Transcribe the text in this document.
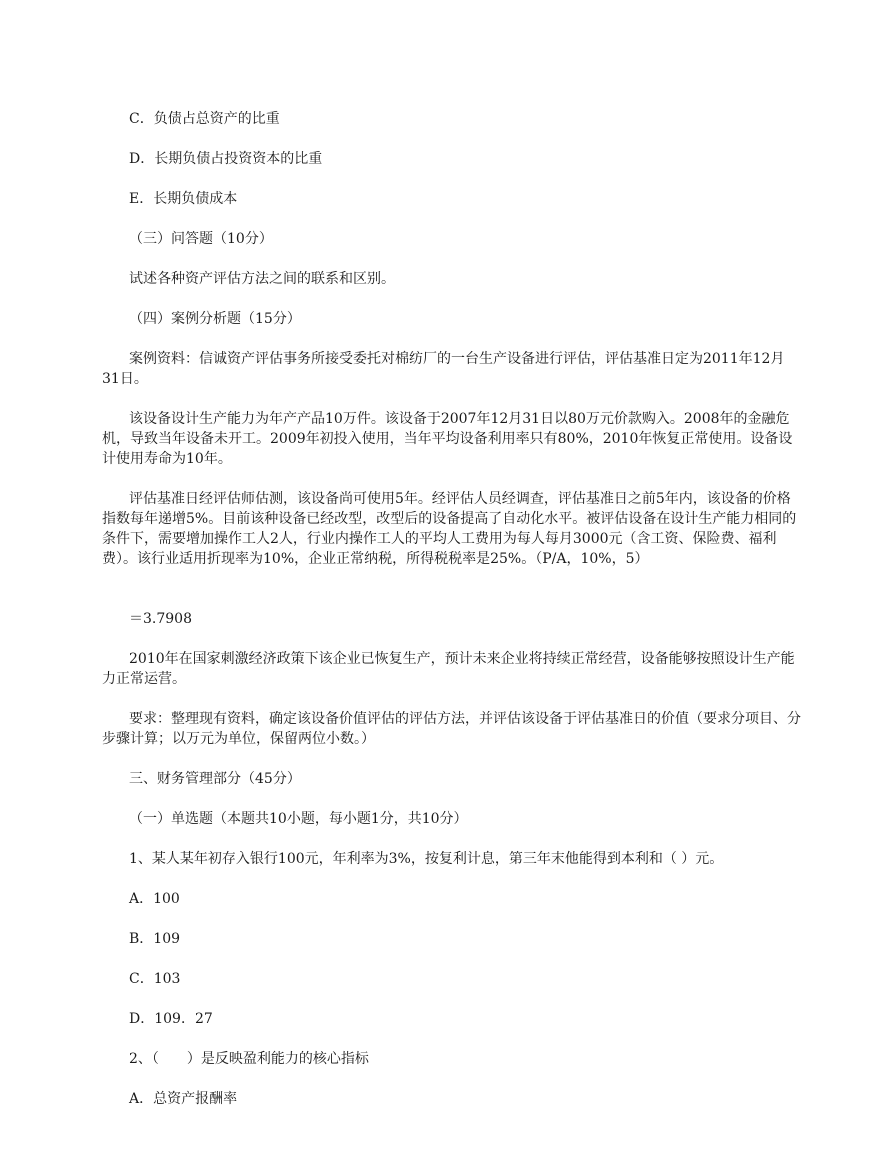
C．负债占总资产的比重

D．长期负债占投资资本的比重

E．长期负债成本

（三）问答题（10分）

试述各种资产评估方法之间的联系和区别。

（四）案例分析题（15分）

案例资料：信诚资产评估事务所接受委托对棉纺厂的一台生产设备进行评估，评估基准日定为2011年12月31日。

该设备设计生产能力为年产产品10万件。该设备于2007年12月31日以80万元价款购入。2008年的金融危机，导致当年设备未开工。2009年初投入使用，当年平均设备利用率只有80%，2010年恢复正常使用。设备设计使用寿命为10年。

评估基准日经评估师估测，该设备尚可使用5年。经评估人员经调查，评估基准日之前5年内，该设备的价格指数每年递增5%。目前该种设备已经改型，改型后的设备提高了自动化水平。被评估设备在设计生产能力相同的条件下，需要增加操作工人2人，行业内操作工人的平均人工费用为每人每月3000元（含工资、保险费、福利费）。该行业适用折现率为10%，企业正常纳税，所得税税率是25%。（P/A，10%，5）

＝3.7908

2010年在国家刺激经济政策下该企业已恢复生产，预计未来企业将持续正常经营，设备能够按照设计生产能力正常运营。

要求：整理现有资料，确定该设备价值评估的评估方法，并评估该设备于评估基准日的价值（要求分项目、分步骤计算；以万元为单位，保留两位小数。）

三、财务管理部分（45分）

（一）单选题（本题共10小题，每小题1分，共10分）

1、某人某年初存入银行100元，年利率为3%，按复利计息，第三年末他能得到本利和（ ）元。

A．100

B．109

C．103

D．109．27

2、（　　）是反映盈利能力的核心指标

A．总资产报酬率
